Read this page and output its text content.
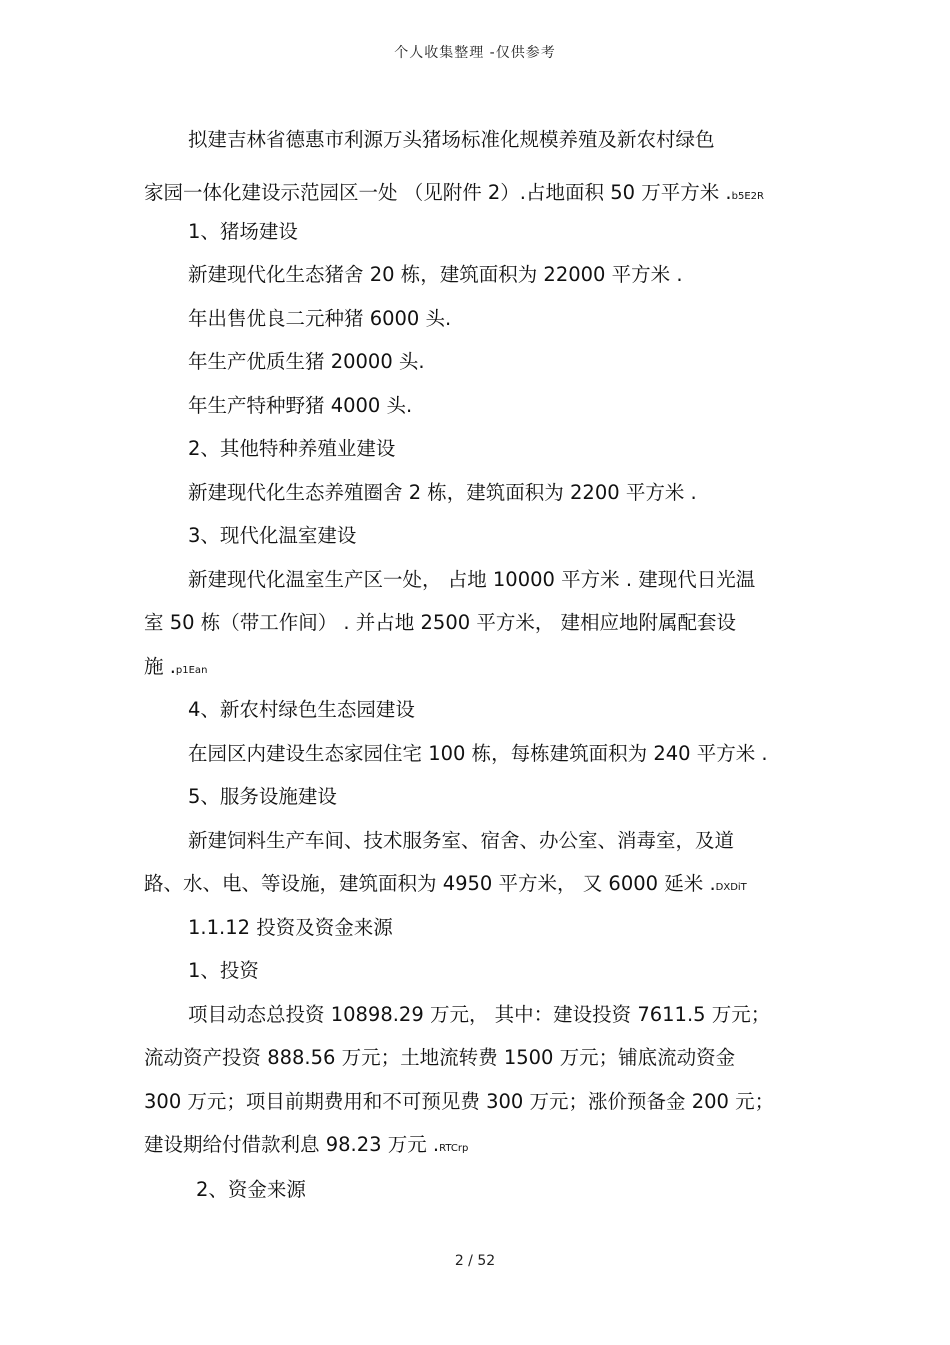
个人收集整理 -仅供参考
拟建吉林省德惠市利源万头猪场标准化规模养殖及新农村绿色
家园一体化建设示范园区一处 （见附件 2）.占地面积 50 万平方米 .b5E2R
1、猪场建设
新建现代化生态猪舍 20 栋，建筑面积为 22000 平方米 .
年出售优良二元种猪 6000 头.
年生产优质生猪 20000 头.
年生产特种野猪 4000 头.
2、其他特种养殖业建设
新建现代化生态养殖圈舍 2 栋，建筑面积为 2200 平方米 .
3、现代化温室建设
新建现代化温室生产区一处， 占地 10000 平方米 . 建现代日光温
室 50 栋（带工作间） . 并占地 2500 平方米， 建相应地附属配套设
施 .p1Ean
4、新农村绿色生态园建设
在园区内建设生态家园住宅 100 栋，每栋建筑面积为 240 平方米 .
5、服务设施建设
新建饲料生产车间、技术服务室、宿舍、办公室、消毒室，及道
路、水、电、等设施，建筑面积为 4950 平方米， 又 6000 延米 .DXDiT
1.1.12 投资及资金来源
1、投资
项目动态总投资 10898.29 万元， 其中：建设投资 7611.5 万元；
流动资产投资 888.56 万元；土地流转费 1500 万元；铺底流动资金
300 万元；项目前期费用和不可预见费 300 万元；涨价预备金 200 元；
建设期给付借款利息 98.23 万元 .RTCrp
2、资金来源
2 / 52
